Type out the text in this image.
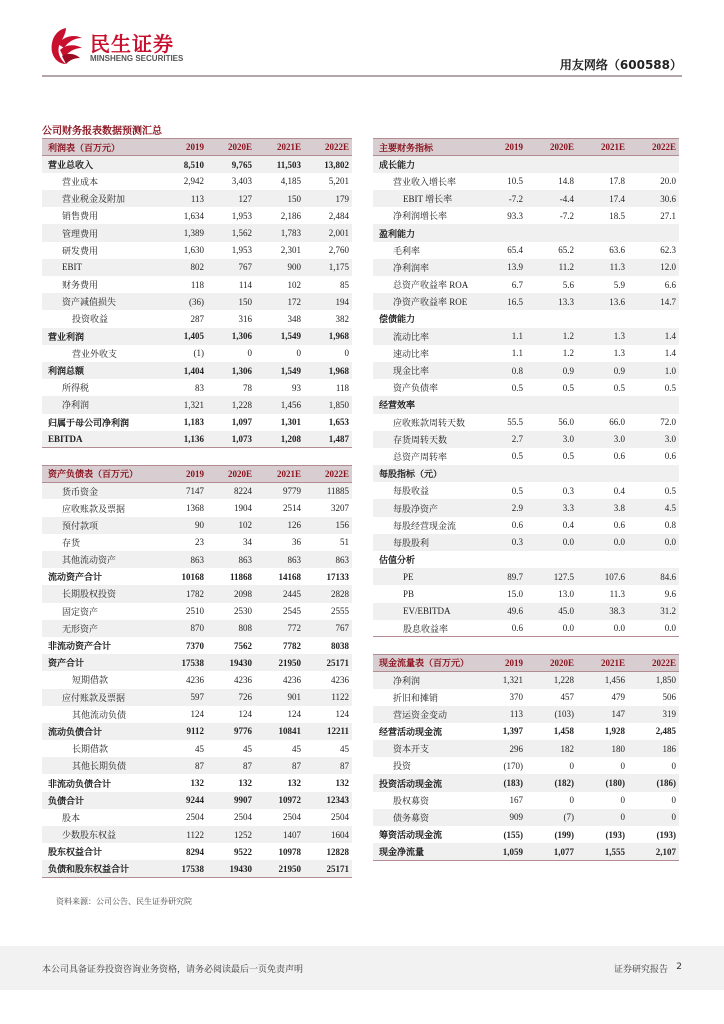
民生证券
MINSHENG SECURITIES	用友网络（600588）
公司财务报表数据预测汇总
利润表（百万元）	2019	2020E	2021E	2022E
营业总收入	8,510	9,765	11,503	13,802
营业成本	2,942	3,403	4,185	5,201
营业税金及附加	113	127	150	179
销售费用	1,634	1,953	2,186	2,484
管理费用	1,389	1,562	1,783	2,001
研发费用	1,630	1,953	2,301	2,760
EBIT	802	767	900	1,175
财务费用	118	114	102	85
资产减值损失	(36)	150	172	194
投资收益	287	316	348	382
营业利润	1,405	1,306	1,549	1,968
营业外收支	(1)	0	0	0
利润总额	1,404	1,306	1,549	1,968
所得税	83	78	93	118
净利润	1,321	1,228	1,456	1,850
归属于母公司净利润	1,183	1,097	1,301	1,653
EBITDA	1,136	1,073	1,208	1,487

资产负债表（百万元）	2019	2020E	2021E	2022E
货币资金	7147	8224	9779	11885
应收账款及票据	1368	1904	2514	3207
预付款项	90	102	126	156
存货	23	34	36	51
其他流动资产	863	863	863	863
流动资产合计	10168	11868	14168	17133
长期股权投资	1782	2098	2445	2828
固定资产	2510	2530	2545	2555
无形资产	870	808	772	767
非流动资产合计	7370	7562	7782	8038
资产合计	17538	19430	21950	25171
短期借款	4236	4236	4236	4236
应付账款及票据	597	726	901	1122
其他流动负债	124	124	124	124
流动负债合计	9112	9776	10841	12211
长期借款	45	45	45	45
其他长期负债	87	87	87	87
非流动负债合计	132	132	132	132
负债合计	9244	9907	10972	12343
股本	2504	2504	2504	2504
少数股东权益	1122	1252	1407	1604
股东权益合计	8294	9522	10978	12828
负债和股东权益合计	17538	19430	21950	25171
主要财务指标	2019	2020E	2021E	2022E
成长能力				
营业收入增长率	10.5	14.8	17.8	20.0
EBIT 增长率	-7.2	-4.4	17.4	30.6
净利润增长率	93.3	-7.2	18.5	27.1
盈利能力				
毛利率	65.4	65.2	63.6	62.3
净利润率	13.9	11.2	11.3	12.0
总资产收益率 ROA	6.7	5.6	5.9	6.6
净资产收益率 ROE	16.5	13.3	13.6	14.7
偿债能力				
流动比率	1.1	1.2	1.3	1.4
速动比率	1.1	1.2	1.3	1.4
现金比率	0.8	0.9	0.9	1.0
资产负债率	0.5	0.5	0.5	0.5
经营效率				
应收账款周转天数	55.5	56.0	66.0	72.0
存货周转天数	2.7	3.0	3.0	3.0
总资产周转率	0.5	0.5	0.6	0.6
每股指标（元）				
每股收益	0.5	0.3	0.4	0.5
每股净资产	2.9	3.3	3.8	4.5
每股经营现金流	0.6	0.4	0.6	0.8
每股股利	0.3	0.0	0.0	0.0
估值分析				
PE	89.7	127.5	107.6	84.6
PB	15.0	13.0	11.3	9.6
EV/EBITDA	49.6	45.0	38.3	31.2
股息收益率	0.6	0.0	0.0	0.0

现金流量表（百万元）	2019	2020E	2021E	2022E
净利润	1,321	1,228	1,456	1,850
折旧和摊销	370	457	479	506
营运资金变动	113	(103)	147	319
经营活动现金流	1,397	1,458	1,928	2,485
资本开支	296	182	180	186
投资	(170)	0	0	0
投资活动现金流	(183)	(182)	(180)	(186)
股权募资	167	0	0	0
债务募资	909	(7)	0	0
筹资活动现金流	(155)	(199)	(193)	(193)
现金净流量	1,059	1,077	1,555	2,107
资料来源：公司公告、民生证券研究院
本公司具备证券投资咨询业务资格，请务必阅读最后一页免责声明	证券研究报告 2
